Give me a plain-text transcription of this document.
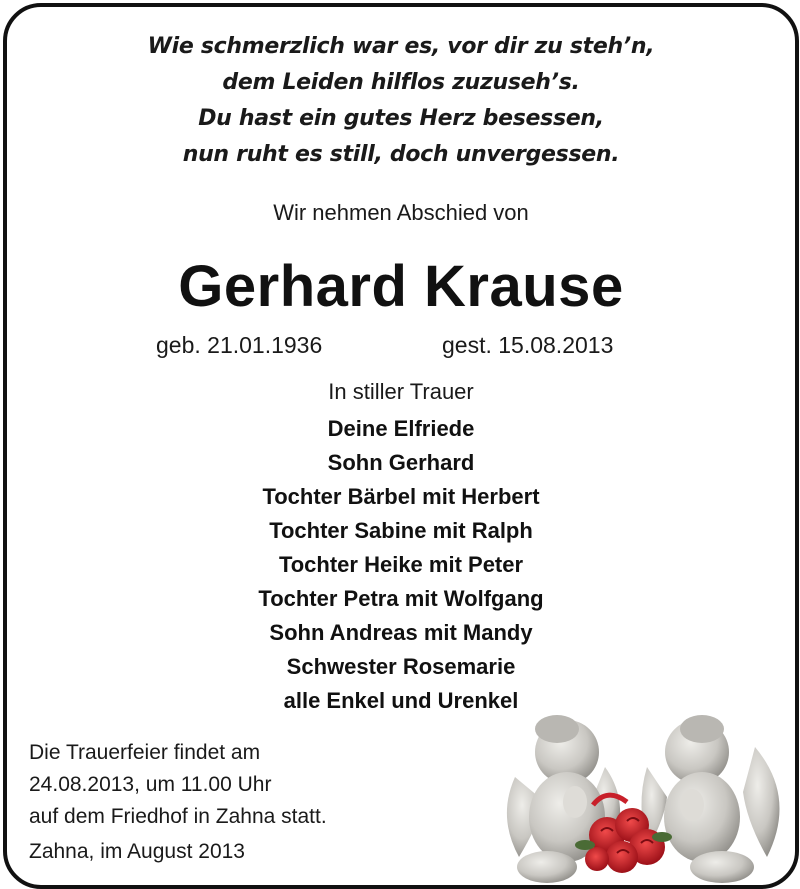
Wie schmerzlich war es, vor dir zu steh’n,
dem Leiden hilflos zuzuseh’s.
Du hast ein gutes Herz besessen,
nun ruht es still, doch unvergessen.
Wir nehmen Abschied von
Gerhard Krause
geb. 21.01.1936	gest. 15.08.2013
In stiller Trauer
Deine Elfriede
Sohn Gerhard
Tochter Bärbel mit Herbert
Tochter Sabine mit Ralph
Tochter Heike mit Peter
Tochter Petra mit Wolfgang
Sohn Andreas mit Mandy
Schwester Rosemarie
alle Enkel und Urenkel
Die Trauerfeier findet am
24.08.2013, um 11.00 Uhr
auf dem Friedhof in Zahna statt.
Zahna, im August 2013
